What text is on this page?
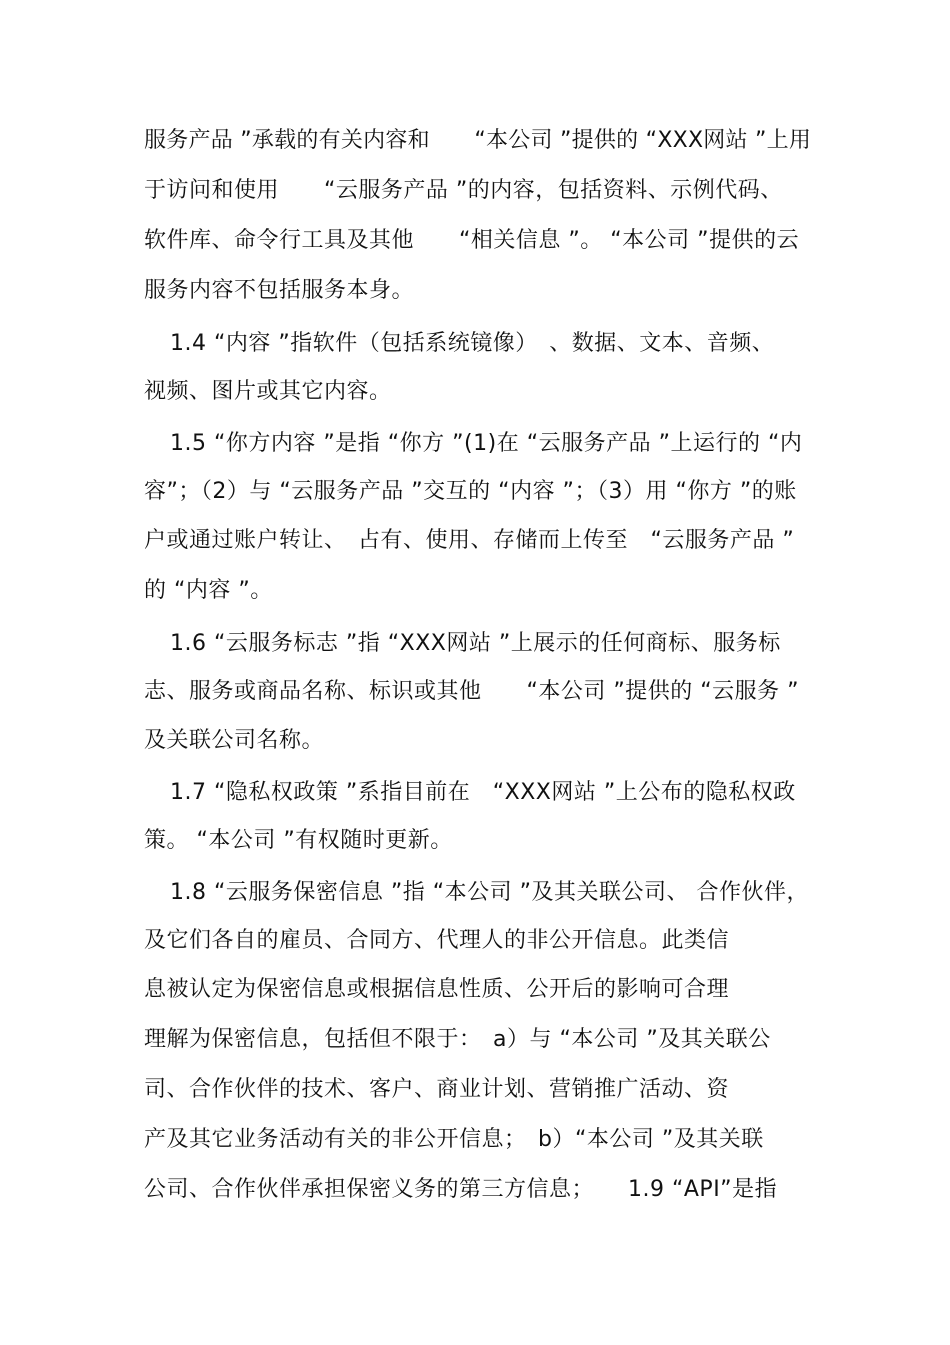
服务产品 ”承载的有关内容和　　“本公司 ”提供的 “XXX网站 ”上用
于访问和使用　　“云服务产品 ”的内容，包括资料、示例代码、
软件库、命令行工具及其他　　“相关信息 ”。 “本公司 ”提供的云
服务内容不包括服务本身。
1.4 “内容 ”指软件（包括系统镜像）　、数据、文本、音频、
视频、图片或其它内容。
1.5 “你方内容 ”是指 “你方 ”(1)在 “云服务产品 ”上运行的 “内
容”；（2）与 “云服务产品 ”交互的 “内容 ”；（3）用 “你方 ”的账
户或通过账户转让、　占有、使用、存储而上传至　“云服务产品 ”
的 “内容 ”。
1.6 “云服务标志 ”指 “XXX网站 ”上展示的任何商标、服务标
志、服务或商品名称、标识或其他　　“本公司 ”提供的 “云服务 ”
及关联公司名称。
1.7 “隐私权政策 ”系指目前在　“XXX网站 ”上公布的隐私权政
策。 “本公司 ”有权随时更新。
1.8 “云服务保密信息 ”指 “本公司 ”及其关联公司、 合作伙伴，
及它们各自的雇员、合同方、代理人的非公开信息。此类信
息被认定为保密信息或根据信息性质、公开后的影响可合理
理解为保密信息，包括但不限于：　a）与 “本公司 ”及其关联公
司、合作伙伴的技术、客户、商业计划、营销推广活动、资
产及其它业务活动有关的非公开信息；　b）“本公司 ”及其关联
公司、合作伙伴承担保密义务的第三方信息；　　1.9 “API”是指
